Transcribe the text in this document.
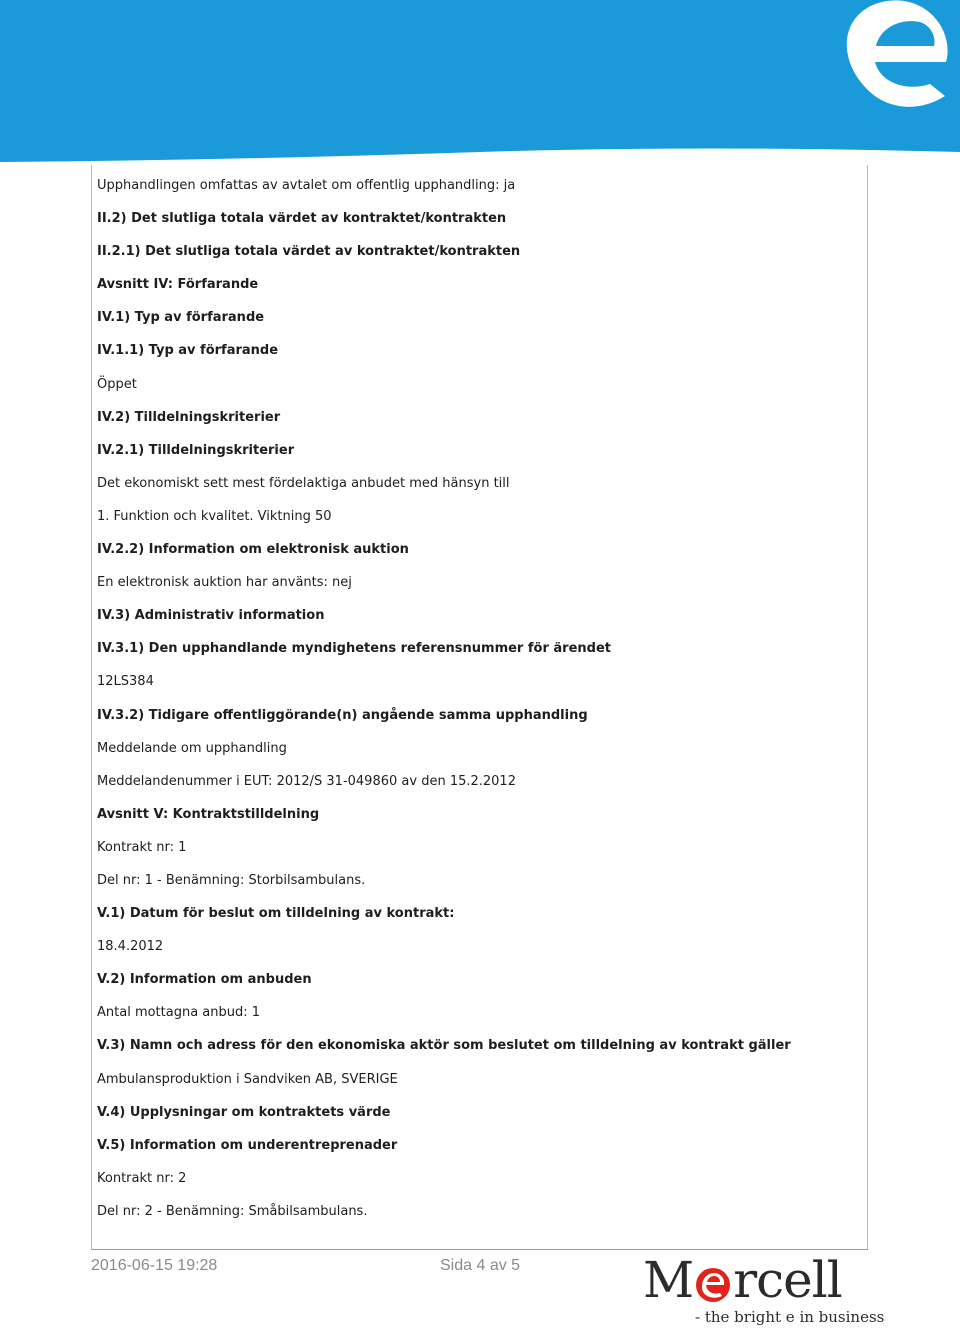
Upphandlingen omfattas av avtalet om offentlig upphandling: ja
II.2) Det slutliga totala värdet av kontraktet/kontrakten
II.2.1) Det slutliga totala värdet av kontraktet/kontrakten
Avsnitt IV: Förfarande
IV.1) Typ av förfarande
IV.1.1) Typ av förfarande
Öppet
IV.2) Tilldelningskriterier
IV.2.1) Tilldelningskriterier
Det ekonomiskt sett mest fördelaktiga anbudet med hänsyn till
1. Funktion och kvalitet. Viktning 50
IV.2.2) Information om elektronisk auktion
En elektronisk auktion har använts: nej
IV.3) Administrativ information
IV.3.1) Den upphandlande myndighetens referensnummer för ärendet
12LS384
IV.3.2) Tidigare offentliggörande(n) angående samma upphandling
Meddelande om upphandling
Meddelandenummer i EUT: 2012/S 31-049860 av den 15.2.2012
Avsnitt V: Kontraktstilldelning
Kontrakt nr: 1
Del nr: 1 - Benämning: Storbilsambulans.
V.1) Datum för beslut om tilldelning av kontrakt:
18.4.2012
V.2) Information om anbuden
Antal mottagna anbud: 1
V.3) Namn och adress för den ekonomiska aktör som beslutet om tilldelning av kontrakt gäller
Ambulansproduktion i Sandviken AB, SVERIGE
V.4) Upplysningar om kontraktets värde
V.5) Information om underentreprenader
Kontrakt nr: 2
Del nr: 2 - Benämning: Småbilsambulans.
2016-06-15 19:28	Sida 4 av 5 M rcell
- the bright e in business
